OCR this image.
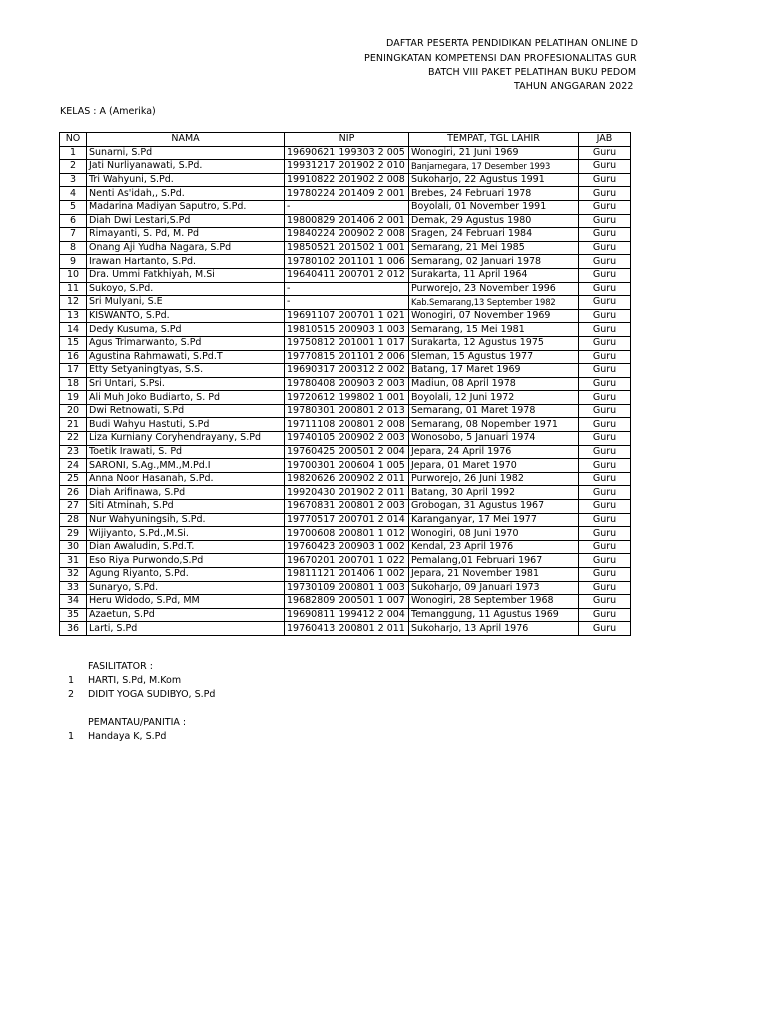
DAFTAR PESERTA PENDIDIKAN PELATIHAN ONLINE D
PENINGKATAN KOMPETENSI DAN PROFESIONALITAS GUR
BATCH VIII PAKET PELATIHAN BUKU PEDOM
TAHUN ANGGARAN 2022
KELAS : A (Amerika)
NO	NAMA	NIP	TEMPAT, TGL LAHIR	JAB
1	Sunarni, S.Pd	19690621 199303 2 005	Wonogiri, 21 Juni 1969	Guru
2	Jati Nurliyanawati, S.Pd.	19931217 201902 2 010	Banjarnegara, 17 Desember 1993	Guru
3	Tri Wahyuni, S.Pd.	19910822 201902 2 008	Sukoharjo, 22 Agustus 1991	Guru
4	Nenti As'idah,, S.Pd.	19780224 201409 2 001	Brebes, 24 Februari 1978	Guru
5	Madarina Madiyan Saputro, S.Pd.	-	Boyolali, 01 November 1991	Guru
6	Diah Dwi Lestari,S.Pd	19800829 201406 2 001	Demak, 29 Agustus 1980	Guru
7	Rimayanti, S. Pd, M. Pd	19840224 200902 2 008	Sragen, 24 Februari 1984	Guru
8	Onang Aji Yudha Nagara, S.Pd	19850521 201502 1 001	Semarang, 21 Mei 1985	Guru
9	Irawan Hartanto, S.Pd.	19780102 201101 1 006	Semarang, 02 Januari 1978	Guru
10	Dra. Ummi Fatkhiyah, M.Si	19640411 200701 2 012	Surakarta, 11 April 1964	Guru
11	Sukoyo, S.Pd.	-	Purworejo, 23 November 1996	Guru
12	Sri Mulyani, S.E	-	Kab.Semarang,13 September 1982	Guru
13	KISWANTO, S.Pd.	19691107 200701 1 021	Wonogiri, 07 November 1969	Guru
14	Dedy Kusuma, S.Pd	19810515 200903 1 003	Semarang, 15 Mei 1981	Guru
15	Agus Trimarwanto, S.Pd	19750812 201001 1 017	Surakarta, 12 Agustus 1975	Guru
16	Agustina Rahmawati, S.Pd.T	19770815 201101 2 006	Sleman, 15 Agustus 1977	Guru
17	Etty Setyaningtyas, S.S.	19690317 200312 2 002	Batang, 17 Maret 1969	Guru
18	Sri Untari, S.Psi.	19780408 200903 2 003	Madiun, 08 April 1978	Guru
19	Ali Muh Joko Budiarto, S. Pd	19720612 199802 1 001	Boyolali, 12 Juni 1972	Guru
20	Dwi Retnowati, S.Pd	19780301 200801 2 013	Semarang, 01 Maret 1978	Guru
21	Budi Wahyu Hastuti, S.Pd	19711108 200801 2 008	Semarang, 08 Nopember 1971	Guru
22	Liza Kurniany Coryhendrayany, S.Pd	19740105 200902 2 003	Wonosobo, 5 Januari 1974	Guru
23	Toetik Irawati, S. Pd	19760425 200501 2 004	Jepara, 24 April 1976	Guru
24	SARONI, S.Ag.,MM.,M.Pd.I	19700301 200604 1 005	Jepara, 01 Maret 1970	Guru
25	Anna Noor Hasanah, S.Pd.	19820626 200902 2 011	Purworejo, 26 Juni 1982	Guru
26	Diah Arifinawa, S.Pd	19920430 201902 2 011	Batang, 30 April 1992	Guru
27	Siti Atminah, S.Pd	19670831 200801 2 003	Grobogan, 31 Agustus 1967	Guru
28	Nur Wahyuningsih, S.Pd.	19770517 200701 2 014	Karanganyar, 17 Mei 1977	Guru
29	Wijiyanto, S.Pd.,M.Si.	19700608 200801 1 012	Wonogiri, 08 Juni 1970	Guru
30	Dian Awaludin, S.Pd.T.	19760423 200903 1 002	Kendal, 23 April 1976	Guru
31	Eso Riya Purwondo,S.Pd	19670201 200701 1 022	Pemalang,01 Februari 1967	Guru
32	Agung Riyanto, S.Pd.	19811121 201406 1 002	Jepara, 21 November 1981	Guru
33	Sunaryo, S.Pd.	19730109 200801 1 003	Sukoharjo, 09 Januari 1973	Guru
34	Heru Widodo, S.Pd, MM	19682809 200501 1 007	Wonogiri, 28 September 1968	Guru
35	Azaetun, S.Pd	19690811 199412 2 004	Temanggung, 11 Agustus 1969	Guru
36	Larti, S.Pd	19760413 200801 2 011	Sukoharjo, 13 April 1976	Guru
FASILITATOR :
1 HARTI, S.Pd, M.Kom
2 DIDIT YOGA SUDIBYO, S.Pd
PEMANTAU/PANITIA :
1 Handaya K, S.Pd
